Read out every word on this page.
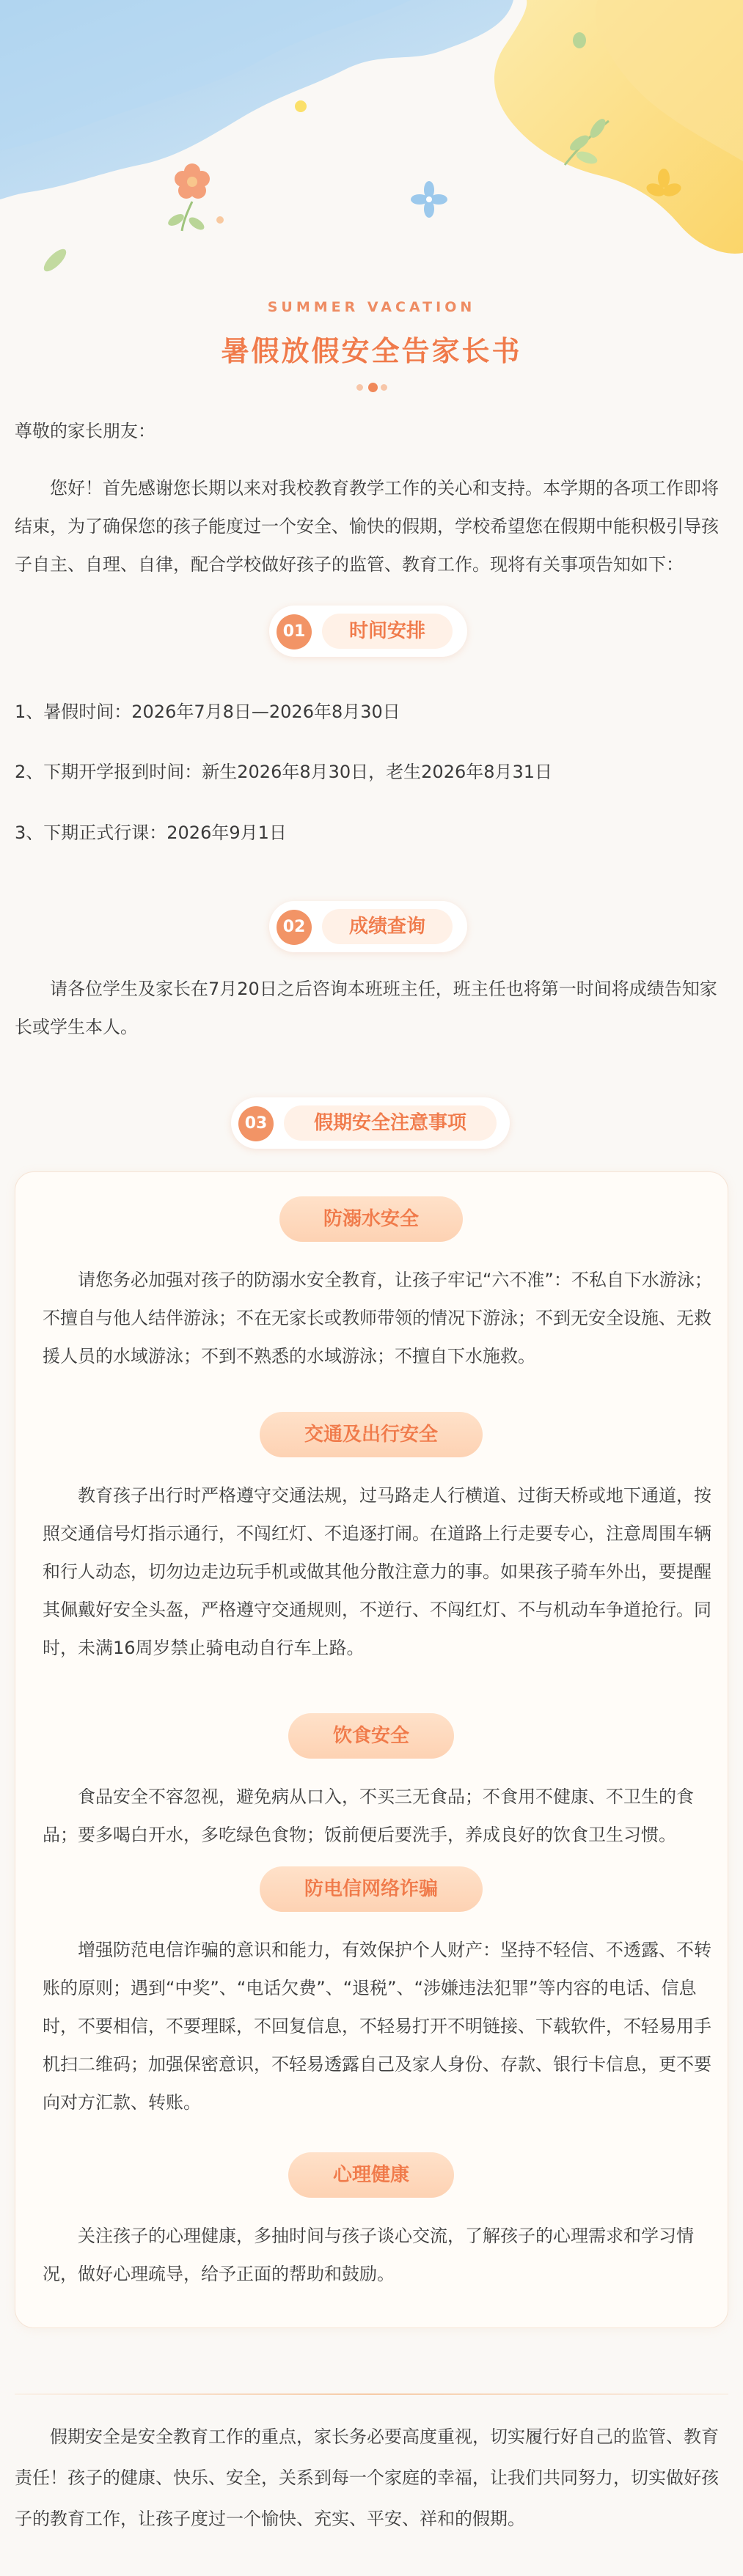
SUMMER VACATION
暑假放假安全告家长书
尊敬的家长朋友：
您好！首先感谢您长期以来对我校教育教学工作的关心和支持。本学期的各项工作即将结束，为了确保您的孩子能度过一个安全、愉快的假期，学校希望您在假期中能积极引导孩子自主、自理、自律，配合学校做好孩子的监管、教育工作。现将有关事项告知如下：
01	时间安排
1、暑假时间：2026年7月8日—2026年8月30日
2、下期开学报到时间：新生2026年8月30日，老生2026年8月31日
3、下期正式行课：2026年9月1日
02	成绩查询
请各位学生及家长在7月20日之后咨询本班班主任，班主任也将第一时间将成绩告知家长或学生本人。
03	假期安全注意事项
防溺水安全
请您务必加强对孩子的防溺水安全教育，让孩子牢记“六不准”：不私自下水游泳；不擅自与他人结伴游泳；不在无家长或教师带领的情况下游泳；不到无安全设施、无救援人员的水域游泳；不到不熟悉的水域游泳；不擅自下水施救。
交通及出行安全
教育孩子出行时严格遵守交通法规，过马路走人行横道、过街天桥或地下通道，按照交通信号灯指示通行，不闯红灯、不追逐打闹。在道路上行走要专心，注意周围车辆和行人动态，切勿边走边玩手机或做其他分散注意力的事。如果孩子骑车外出，要提醒其佩戴好安全头盔，严格遵守交通规则，不逆行、不闯红灯、不与机动车争道抢行。同时，未满16周岁禁止骑电动自行车上路。
饮食安全
食品安全不容忽视，避免病从口入，不买三无食品；不食用不健康、不卫生的食品；要多喝白开水，多吃绿色食物；饭前便后要洗手，养成良好的饮食卫生习惯。
防电信网络诈骗
增强防范电信诈骗的意识和能力，有效保护个人财产：坚持不轻信、不透露、不转账的原则；遇到“中奖”、“电话欠费”、“退税”、“涉嫌违法犯罪”等内容的电话、信息时，不要相信，不要理睬，不回复信息，不轻易打开不明链接、下载软件，不轻易用手机扫二维码；加强保密意识，不轻易透露自己及家人身份、存款、银行卡信息，更不要向对方汇款、转账。
心理健康
关注孩子的心理健康，多抽时间与孩子谈心交流，了解孩子的心理需求和学习情况，做好心理疏导，给予正面的帮助和鼓励。
假期安全是安全教育工作的重点，家长务必要高度重视，切实履行好自己的监管、教育责任！孩子的健康、快乐、安全，关系到每一个家庭的幸福，让我们共同努力，切实做好孩子的教育工作，让孩子度过一个愉快、充实、平安、祥和的假期。
